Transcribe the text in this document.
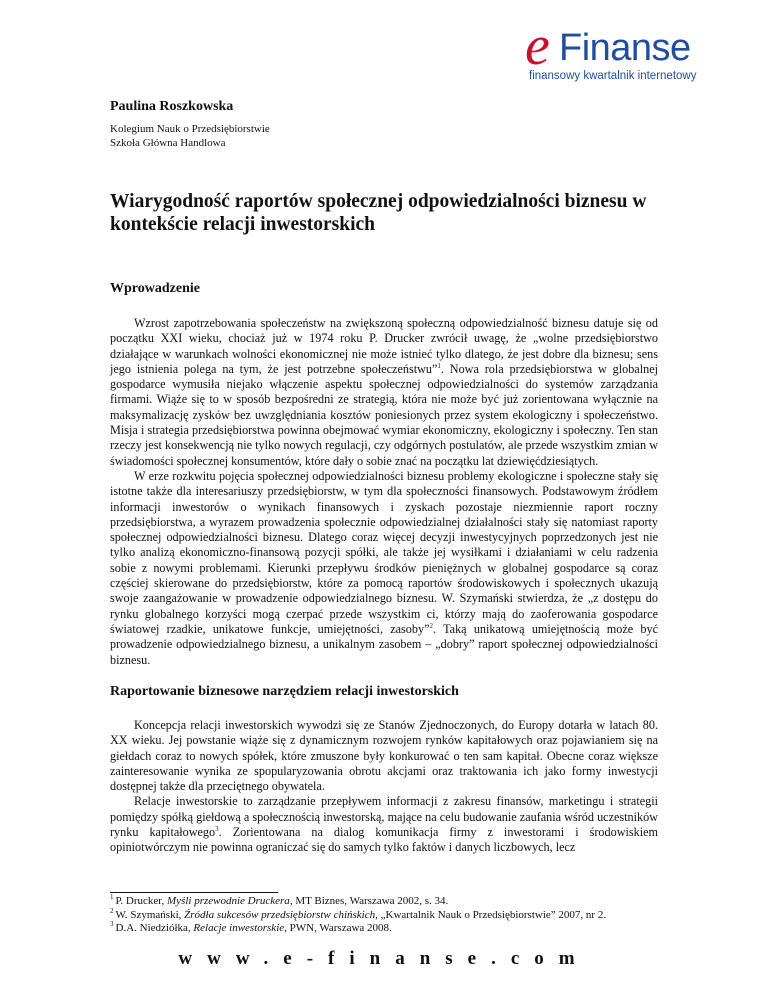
e Finanse
finansowy kwartalnik internetowy
Paulina Roszkowska
Kolegium Nauk o Przedsiębiorstwie
Szkoła Główna Handlowa
Wiarygodność raportów społecznej odpowiedzialności biznesu w kontekście relacji inwestorskich
Wprowadzenie

Wzrost zapotrzebowania społeczeństw na zwiększoną społeczną odpowiedzialność biznesu datuje się od początku XXI wieku, chociaż już w 1974 roku P. Drucker zwrócił uwagę, że „wolne przedsiębiorstwo działające w warunkach wolności ekonomicznej nie może istnieć tylko dlatego, że jest dobre dla biznesu; sens jego istnienia polega na tym, że jest potrzebne społeczeństwu”$^1$. Nowa rola przedsiębiorstwa w globalnej gospodarce wymusiła niejako włączenie aspektu społecznej odpowiedzialności do systemów zarządzania firmami. Wiąże się to w sposób bezpośredni ze strategią, która nie może być już zorientowana wyłącznie na maksymalizację zysków bez uwzględniania kosztów poniesionych przez system ekologiczny i społeczeństwo. Misja i strategia przedsiębiorstwa powinna obejmować wymiar ekonomiczny, ekologiczny i społeczny. Ten stan rzeczy jest konsekwencją nie tylko nowych regulacji, czy odgórnych postulatów, ale przede wszystkim zmian w świadomości społecznej konsumentów, które dały o sobie znać na początku lat dziewięćdziesiątych.

W erze rozkwitu pojęcia społecznej odpowiedzialności biznesu problemy ekologiczne i społeczne stały się istotne także dla interesariuszy przedsiębiorstw, w tym dla społeczności finansowych. Podstawowym źródłem informacji inwestorów o wynikach finansowych i zyskach pozostaje niezmiennie raport roczny przedsiębiorstwa, a wyrazem prowadzenia społecznie odpowiedzialnej działalności stały się natomiast raporty społecznej odpowiedzialności biznesu. Dlatego coraz więcej decyzji inwestycyjnych poprzedzonych jest nie tylko analizą ekonomiczno-finansową pozycji spółki, ale także jej wysiłkami i działaniami w celu radzenia sobie z nowymi problemami. Kierunki przepływu środków pieniężnych w globalnej gospodarce są coraz częściej skierowane do przedsiębiorstw, które za pomocą raportów środowiskowych i społecznych ukazują swoje zaangażowanie w prowadzenie odpowiedzialnego biznesu. W. Szymański stwierdza, że „z dostępu do rynku globalnego korzyści mogą czerpać przede wszystkim ci, którzy mają do zaoferowania gospodarce światowej rzadkie, unikatowe funkcje, umiejętności, zasoby”$^2$. Taką unikatową umiejętnością może być prowadzenie odpowiedzialnego biznesu, a unikalnym zasobem – „dobry” raport społecznej odpowiedzialności biznesu.

Raportowanie biznesowe narzędziem relacji inwestorskich

Koncepcja relacji inwestorskich wywodzi się ze Stanów Zjednoczonych, do Europy dotarła w latach 80. XX wieku. Jej powstanie wiąże się z dynamicznym rozwojem rynków kapitałowych oraz pojawianiem się na giełdach coraz to nowych spółek, które zmuszone były konkurować o ten sam kapitał. Obecne coraz większe zainteresowanie wynika ze spopularyzowania obrotu akcjami oraz traktowania ich jako formy inwestycji dostępnej także dla przeciętnego obywatela.

Relacje inwestorskie to zarządzanie przepływem informacji z zakresu finansów, marketingu i strategii pomiędzy spółką giełdową a społecznością inwestorską, mające na celu budowanie zaufania wśród uczestników rynku kapitałowego$^3$. Zorientowana na dialog komunikacja firmy z inwestorami i środowiskiem opiniotwórczym nie powinna ograniczać się do samych tylko faktów i danych liczbowych, lecz

$^1$ P. Drucker, Myśli przewodnie Druckera, MT Biznes, Warszawa 2002, s. 34.
$^2$ W. Szymański, Źródła sukcesów przedsiębiorstw chińskich, „Kwartalnik Nauk o Przedsiębiorstwie” 2007, nr 2.
$^3$ D.A. Niedziółka, Relacje inwestorskie, PWN, Warszawa 2008.
www.e-finanse.com
